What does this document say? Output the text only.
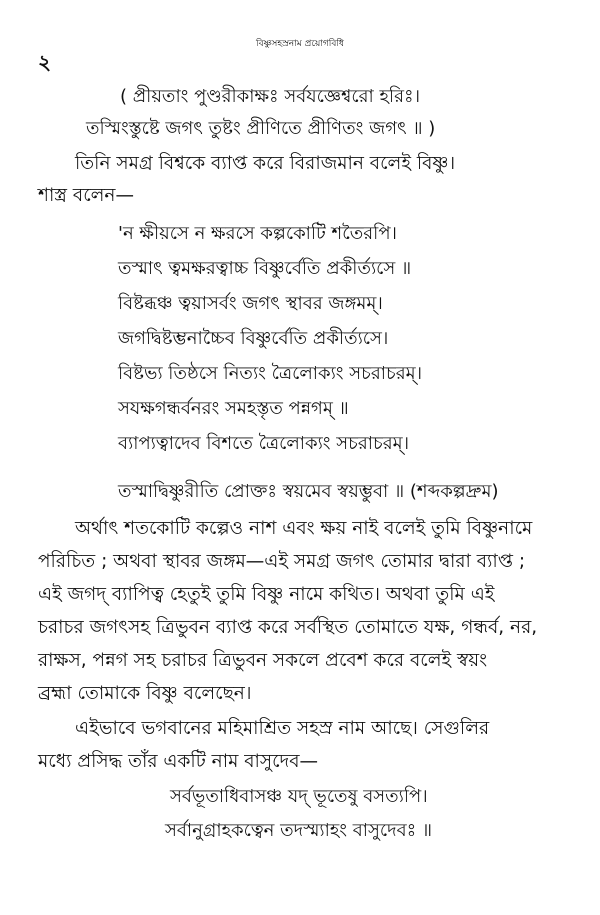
২
বিষ্ণুসহস্রনাম প্রয়োগবিধি
( প্রীয়তাং পুণ্ডরীকাক্ষঃ সর্বযজ্ঞেশ্বরো হরিঃ।
তস্মিংস্তুষ্টে জগৎ তুষ্টং প্রীণিতে প্রীণিতং জগৎ ॥ )
তিনি সমগ্র বিশ্বকে ব্যাপ্ত করে বিরাজমান বলেই বিষ্ণু।
শাস্ত্র বলেন—
'ন ক্ষীয়সে ন ক্ষরসে কল্পকোটি শতৈরপি।
তস্মাৎ ত্বমক্ষরত্বাচ্চ বিষ্ণুর্বেতি প্রকীর্ত্যসে ॥
বিষ্টব্ধঞ্চ ত্বয়াসর্বং জগৎ স্থাবর জঙ্গমম্।
জগদ্বিষ্টম্ভনাচ্চৈব বিষ্ণুর্বেতি প্রকীর্ত্যসে।
বিষ্টভ্য তিষ্ঠসে নিত্যং ত্রৈলোক্যং সচরাচরম্।
সযক্ষগন্ধর্বনরং সমহস্তৃত পন্নগম্ ॥
ব্যাপ্যত্বাদেব বিশতে ত্রৈলোক্যং সচরাচরম্।
তস্মাদ্বিষ্ণুরীতি প্রোক্তঃ স্বয়মেব স্বয়ম্ভুবা ॥ (শব্দকল্পদ্রুম)
অর্থাৎ শতকোটি কল্পেও নাশ এবং ক্ষয় নাই বলেই তুমি বিষ্ণুনামে
পরিচিত ; অথবা স্থাবর জঙ্গম—এই সমগ্র জগৎ তোমার দ্বারা ব্যাপ্ত ;
এই জগদ্ ব্যাপিত্ব হেতুই তুমি বিষ্ণু নামে কথিত। অথবা তুমি এই
চরাচর জগৎসহ ত্রিভুবন ব্যাপ্ত করে সর্বস্থিত তোমাতে যক্ষ, গন্ধর্ব, নর,
রাক্ষস, পন্নগ সহ চরাচর ত্রিভুবন সকলে প্রবেশ করে বলেই স্বয়ং
ব্রহ্মা তোমাকে বিষ্ণু বলেছেন।
এইভাবে ভগবানের মহিমাশ্রিত সহস্র নাম আছে। সেগুলির
মধ্যে প্রসিদ্ধ তাঁর একটি নাম বাসুদেব—
সর্বভূতাধিবাসঞ্চ যদ্ ভূতেষু বসত্যপি।
সর্বানুগ্রাহকত্বেন তদস্ম্যাহং বাসুদেবঃ ॥
